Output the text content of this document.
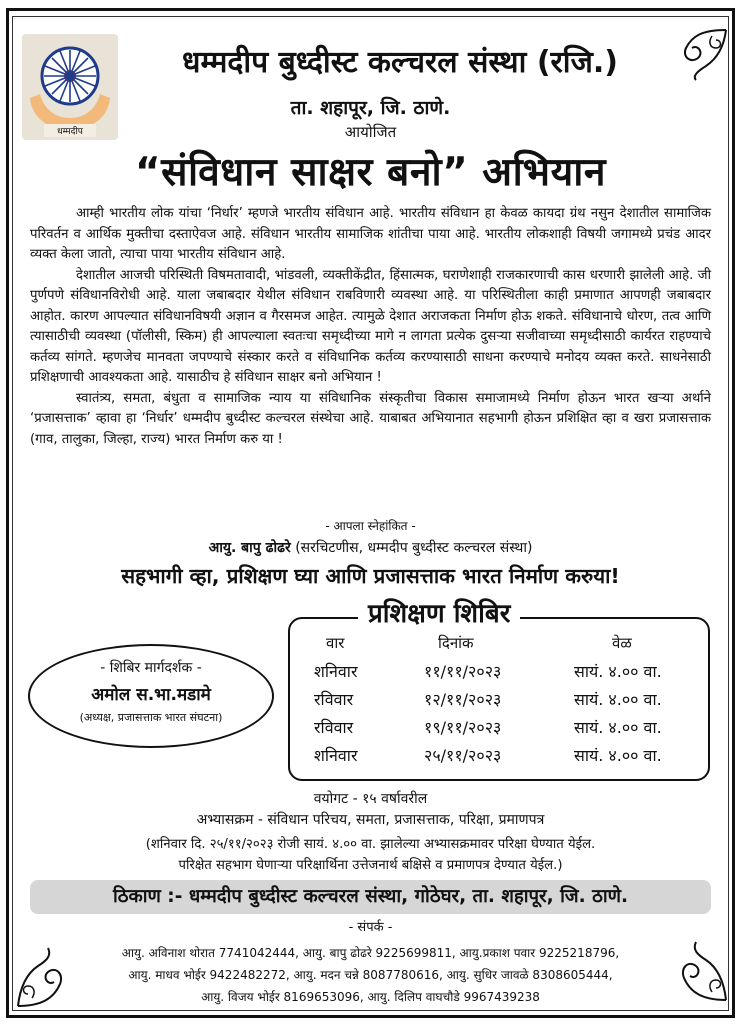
धम्मदीप
धम्मदीप बुध्दीस्ट कल्चरल संस्था (रजि.)
ता. शहापूर, जि. ठाणे.
आयोजित
“संविधान साक्षर बनो” अभियान

आम्ही भारतीय लोक यांचा ‘निर्धार’ म्हणजे भारतीय संविधान आहे. भारतीय संविधान हा केवळ कायदा ग्रंथ नसुन देशातील सामाजिक परिवर्तन व आर्थिक मुक्तीचा दस्ताऐवज आहे. संविधान भारतीय सामाजिक शांतीचा पाया आहे. भारतीय लोकशाही विषयी जगामध्ये प्रचंड आदर व्यक्त केला जातो, त्याचा पाया भारतीय संविधान आहे.

देशातील आजची परिस्थिती विषमतावादी, भांडवली, व्यक्तीकेंद्रीत, हिंसात्मक, घराणेशाही राजकारणाची कास धरणारी झालेली आहे. जी पुर्णपणे संविधानविरोधी आहे. याला जबाबदार येथील संविधान राबविणारी व्यवस्था आहे. या परिस्थितीला काही प्रमाणात आपणही जबाबदार आहोत. कारण आपल्यात संविधानविषयी अज्ञान व गैरसमज आहेत. त्यामुळे देशात अराजकता निर्माण होऊ शकते. संविधानाचे धोरण, तत्व आणि त्यासाठीची व्यवस्था (पॉलीसी, स्किम) ही आपल्याला स्वतःचा समृध्दीच्या मागे न लागता प्रत्येक दुसऱ्या सजीवाच्या समृध्दीसाठी कार्यरत राहण्याचे कर्तव्य सांगते. म्हणजेच मानवता जपण्याचे संस्कार करते व संविधानिक कर्तव्य करण्यासाठी साधना करण्याचे मनोदय व्यक्त करते. साधनेसाठी प्रशिक्षणाची आवश्यकता आहे. यासाठीच हे संविधान साक्षर बनो अभियान !

स्वातंत्र्य, समता, बंधुता व सामाजिक न्याय या संविधानिक संस्कृतीचा विकास समाजामध्ये निर्माण होऊन भारत खऱ्या अर्थाने ‘प्रजासत्ताक’ व्हावा हा ‘निर्धार’ धम्मदीप बुध्दीस्ट कल्चरल संस्थेचा आहे. याबाबत अभियानात सहभागी होऊन प्रशिक्षित व्हा व खरा प्रजासत्ताक (गाव, तालुका, जिल्हा, राज्य) भारत निर्माण करु या !

- आपला स्नेहांकित -
आयु. बापु ढोढरे (सरचिटणीस, धम्मदीप बुध्दीस्ट कल्चरल संस्था)
सहभागी व्हा, प्रशिक्षण घ्या आणि प्रजासत्ताक भारत निर्माण करुया!
प्रशिक्षण शिबिर
वार	दिनांक	वेळ
शनिवार	११/११/२०२३	सायं. ४.०० वा.
रविवार	१२/११/२०२३	सायं. ४.०० वा.
रविवार	१९/११/२०२३	सायं. ४.०० वा.
शनिवार	२५/११/२०२३	सायं. ४.०० वा.
- शिबिर मार्गदर्शक -
अमोल स.भा.मडामे
(अध्यक्ष, प्रजासत्ताक भारत संघटना)
वयोगट - १५ वर्षावरील
अभ्यासक्रम - संविधान परिचय, समता, प्रजासत्ताक, परिक्षा, प्रमाणपत्र
(शनिवार दि. २५/११/२०२३ रोजी सायं. ४.०० वा. झालेल्या अभ्यासक्रमावर परिक्षा घेण्यात येईल.
परिक्षेत सहभाग घेणाऱ्या परिक्षार्थिना उत्तेजनार्थ बक्षिसे व प्रमाणपत्र देण्यात येईल.)
ठिकाण :- धम्मदीप बुध्दीस्ट कल्चरल संस्था, गोठेघर, ता. शहापूर, जि. ठाणे.
- संपर्क -
आयु. अविनाश थोरात 7741042444, आयु. बापु ढोढरे 9225699811, आयु.प्रकाश पवार 9225218796,
आयु. माधव भोईर 9422482272, आयु. मदन चन्ने 8087780616, आयु. सुधिर जावळे 8308605444,
आयु. विजय भोईर 8169653096, आयु. दिलिप वाघचौडे 9967439238
